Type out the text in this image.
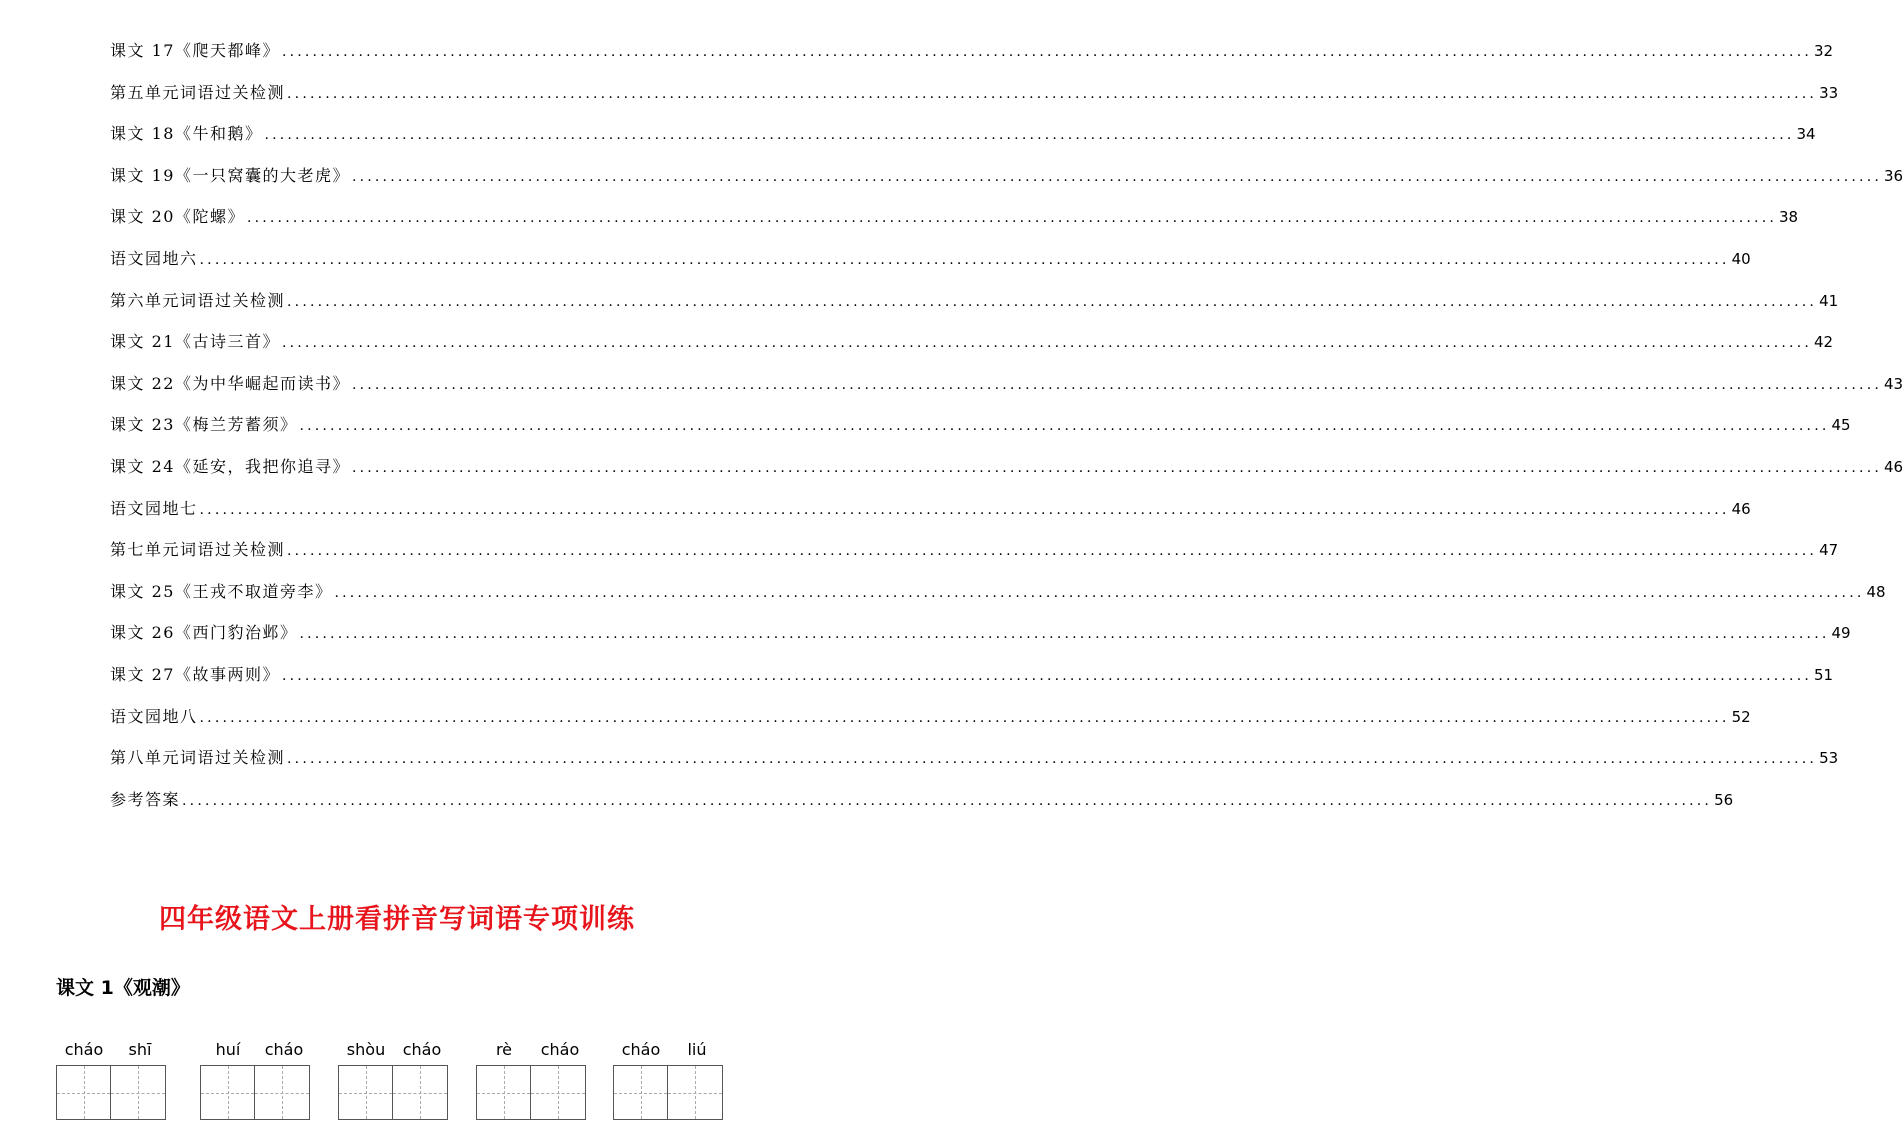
课文 17《爬天都峰》 ........................................................................................................................................................................................................ 32
第五单元词语过关检测 ........................................................................................................................................................................................................ 33
课文 18《牛和鹅》 ........................................................................................................................................................................................................ 34
课文 19《一只窝囊的大老虎》 ........................................................................................................................................................................................................ 36
课文 20《陀螺》 ........................................................................................................................................................................................................ 38
语文园地六 ........................................................................................................................................................................................................ 40
第六单元词语过关检测 ........................................................................................................................................................................................................ 41
课文 21《古诗三首》 ........................................................................................................................................................................................................ 42
课文 22《为中华崛起而读书》 ........................................................................................................................................................................................................ 43
课文 23《梅兰芳蓄须》 ........................................................................................................................................................................................................ 45
课文 24《延安，我把你追寻》 ........................................................................................................................................................................................................ 46
语文园地七 ........................................................................................................................................................................................................ 46
第七单元词语过关检测 ........................................................................................................................................................................................................ 47
课文 25《王戎不取道旁李》 ........................................................................................................................................................................................................ 48
课文 26《西门豹治邺》 ........................................................................................................................................................................................................ 49
课文 27《故事两则》 ........................................................................................................................................................................................................ 51
语文园地八 ........................................................................................................................................................................................................ 52
第八单元词语过关检测 ........................................................................................................................................................................................................ 53
参考答案 ........................................................................................................................................................................................................ 56
四年级语文上册看拼音写词语专项训练
课文 1《观潮》
cháo	shī	huí	cháo	shòu	cháo	rè	cháo	cháo	liú
